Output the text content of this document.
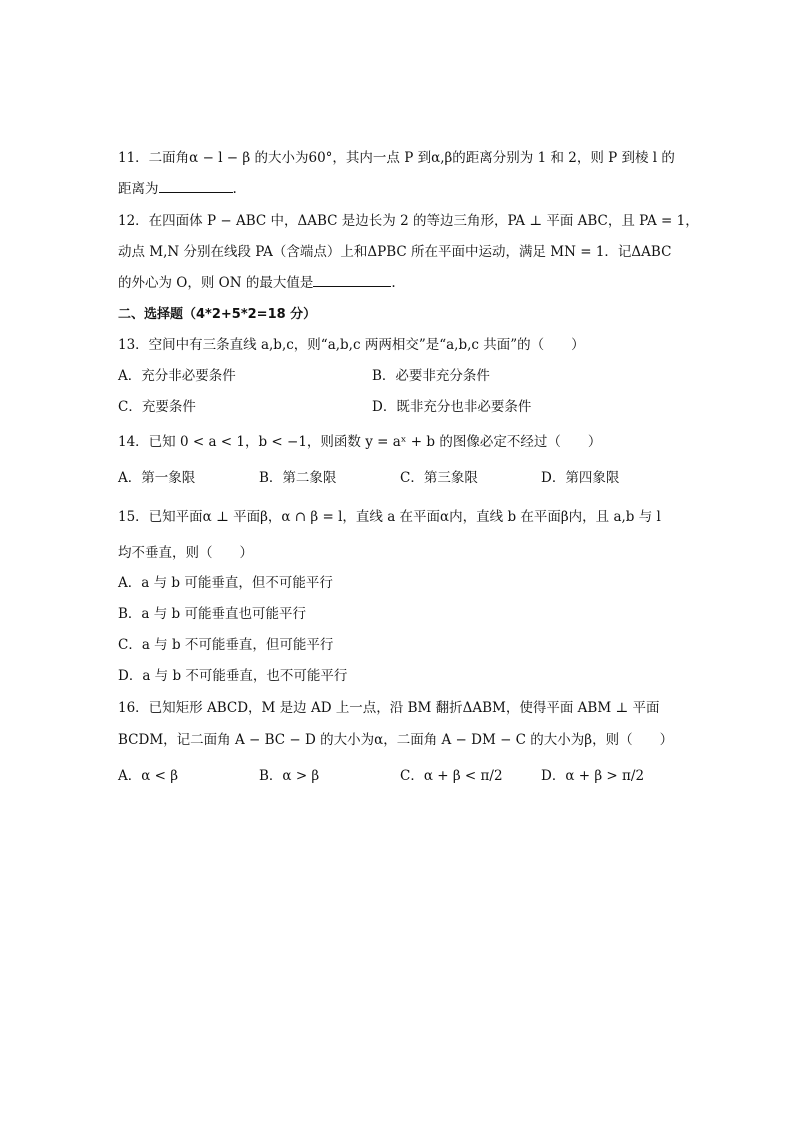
11．二面角α − l − β 的大小为60°，其内一点 P 到α,β的距离分别为 1 和 2，则 P 到棱 l 的
距离为	.
12．在四面体 P − ABC 中，ΔABC 是边长为 2 的等边三角形，PA ⊥ 平面 ABC，且 PA = 1，
动点 M,N 分别在线段 PA（含端点）上和ΔPBC 所在平面中运动，满足 MN = 1．记ΔABC
的外心为 O，则 ON 的最大值是	.
二、选择题（4*2+5*2=18 分）
13．空间中有三条直线 a,b,c，则“a,b,c 两两相交”是“a,b,c 共面”的（　　）
A．充分非必要条件	B．必要非充分条件
C．充要条件	D．既非充分也非必要条件
14．已知 0 < a < 1，b < −1，则函数 y = aˣ + b 的图像必定不经过（　　）
A．第一象限	B．第二象限	C．第三象限	D．第四象限
15．已知平面α ⊥ 平面β，α ∩ β = l，直线 a 在平面α内，直线 b 在平面β内，且 a,b 与 l
均不垂直，则（　　）
A．a 与 b 可能垂直，但不可能平行
B．a 与 b 可能垂直也可能平行
C．a 与 b 不可能垂直，但可能平行
D．a 与 b 不可能垂直，也不可能平行
16．已知矩形 ABCD，M 是边 AD 上一点，沿 BM 翻折ΔABM，使得平面 ABM ⊥ 平面
BCDM，记二面角 A − BC − D 的大小为α，二面角 A − DM − C 的大小为β，则（　　）
A．α < β	B．α > β	C．α + β < π/2	D．α + β > π/2
